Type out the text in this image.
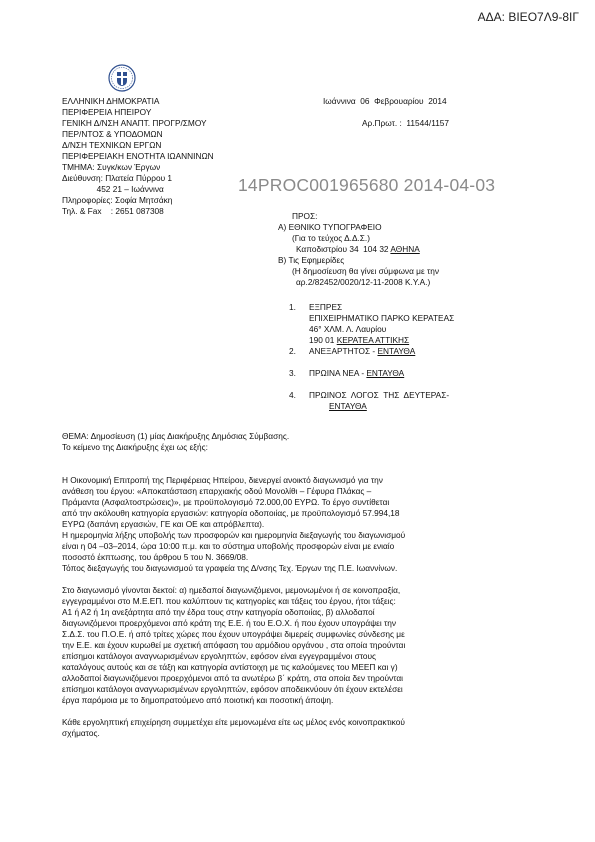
ΑΔΑ: ΒΙΕΟ7Λ9-8ΙΓ
ΕΛΛΗΝΙΚΗ ΔΗΜΟΚΡΑΤΙΑ
ΠΕΡΙΦΕΡΕΙΑ ΗΠΕΙΡΟΥ
ΓΕΝΙΚΗ Δ/ΝΣΗ ΑΝΑΠΤ. ΠΡΟΓΡ/ΣΜΟΥ
ΠΕΡ/ΝΤΟΣ & ΥΠΟΔΟΜΩΝ
Δ/ΝΣΗ ΤΕΧΝΙΚΩΝ ΕΡΓΩΝ
ΠΕΡΙΦΕΡΕΙΑΚΗ ΕΝΟΤΗΤΑ ΙΩΑΝΝΙΝΩΝ
ΤΜΗΜΑ: Συγκ/κων Έργων
Διεύθυνση: Πλατεία Πύρρου 1
452 21 – Ιωάννινα
Πληροφορίες: Σοφία Μητσάκη
Τηλ. & Fax    : 2651 087308
Ιωάννινα  06  Φεβρουαρίου  2014
Αρ.Πρωτ. :  11544/1157
14PROC001965680 2014-04-03
ΠΡΟΣ:
Α) ΕΘΝΙΚΟ ΤΥΠΟΓΡΑΦΕΙΟ
(Για το τεύχος Δ.Δ.Σ.)
Καποδιστρίου 34  104 32 ΑΘΗΝΑ
Β) Τις Εφημερίδες
(Η δημοσίευση θα γίνει σύμφωνα με την
αρ.2/82452/0020/12-11-2008 Κ.Υ.Α.)
1.	ΕΞΠΡΕΣ
ΕΠΙΧΕΙΡΗΜΑΤΙΚΟ ΠΑΡΚΟ ΚΕΡΑΤΕΑΣ
46° ΧΛΜ. Λ. Λαυρίου
190 01 ΚΕΡΑΤΕΑ ΑΤΤΙΚΗΣ
2.	ΑΝΕΞΑΡΤΗΤΟΣ - ΕΝΤΑΥΘΑ
3.	ΠΡΩΙΝΑ ΝΕΑ - ΕΝΤΑΥΘΑ
4.	ΠΡΩΙΝΟΣ  ΛΟΓΟΣ  ΤΗΣ  ΔΕΥΤΕΡΑΣ-
ΕΝΤΑΥΘΑ

ΘΕΜΑ: Δημοσίευση (1) μίας Διακήρυξης Δημόσιας Σύμβασης.

Το κείμενο της Διακήρυξης έχει ως εξής:

Η Οικονομική Επιτροπή της Περιφέρειας Ηπείρου, διενεργεί ανοικτό διαγωνισμό για την
ανάθεση του έργου: «Αποκατάσταση επαρχιακής οδού Μονολίθι – Γέφυρα Πλάκας –
Πράμαντα (Ασφαλτοστρώσεις)», με προϋπολογισμό 72.000,00 ΕΥΡΩ. Το έργο συντίθεται
από την ακόλουθη κατηγορία εργασιών: κατηγορία οδοποιίας, με προϋπολογισμό 57.994,18
ΕΥΡΩ (δαπάνη εργασιών, ΓΕ και ΟΕ και απρόβλεπτα).
Η ημερομηνία λήξης υποβολής των προσφορών και ημερομηνία διεξαγωγής του διαγωνισμού
είναι η 04 –03–2014, ώρα 10:00 π.μ. και το σύστημα υποβολής προσφορών είναι με ενιαίο
ποσοστό έκπτωσης, του άρθρου 5 του Ν. 3669/08.
Τόπος διεξαγωγής του διαγωνισμού τα γραφεία της Δ/νσης Τεχ. Έργων της Π.Ε. Ιωαννίνων.
Στο διαγωνισμό γίνονται δεκτοί: α) ημεδαποί διαγωνιζόμενοι, μεμονωμένοι ή σε κοινοπραξία,
εγγεγραμμένοι στο Μ.Ε.ΕΠ. που καλύπτουν τις κατηγορίες και τάξεις του έργου, ήτοι τάξεις:
Α1 ή Α2 ή 1η ανεξάρτητα από την έδρα τους στην κατηγορία οδοποιίας, β) αλλοδαποί
διαγωνιζόμενοι προερχόμενοι από κράτη της Ε.Ε. ή του Ε.Ο.Χ. ή που έχουν υπογράψει την
Σ.Δ.Σ. του Π.Ο.Ε. ή από τρίτες χώρες που έχουν υπογράψει διμερείς συμφωνίες σύνδεσης με
την Ε.Ε. και έχουν κυρωθεί με σχετική απόφαση του αρμόδιου οργάνου , στα οποία τηρούνται
επίσημοι κατάλογοι αναγνωρισμένων εργοληπτών, εφόσον είναι εγγεγραμμένοι στους
καταλόγους αυτούς και σε τάξη και κατηγορία αντίστοιχη με τις καλούμενες του ΜΕΕΠ και γ)
αλλοδαποί διαγωνιζόμενοι προερχόμενοι από τα ανωτέρω β΄ κράτη, στα οποία δεν τηρούνται
επίσημοι κατάλογοι αναγνωρισμένων εργοληπτών, εφόσον αποδεικνύουν ότι έχουν εκτελέσει
έργα παρόμοια με το δημοπρατούμενο από ποιοτική και ποσοτική άποψη.
Κάθε εργοληπτική επιχείρηση συμμετέχει είτε μεμονωμένα είτε ως μέλος ενός κοινοπρακτικού
σχήματος.
